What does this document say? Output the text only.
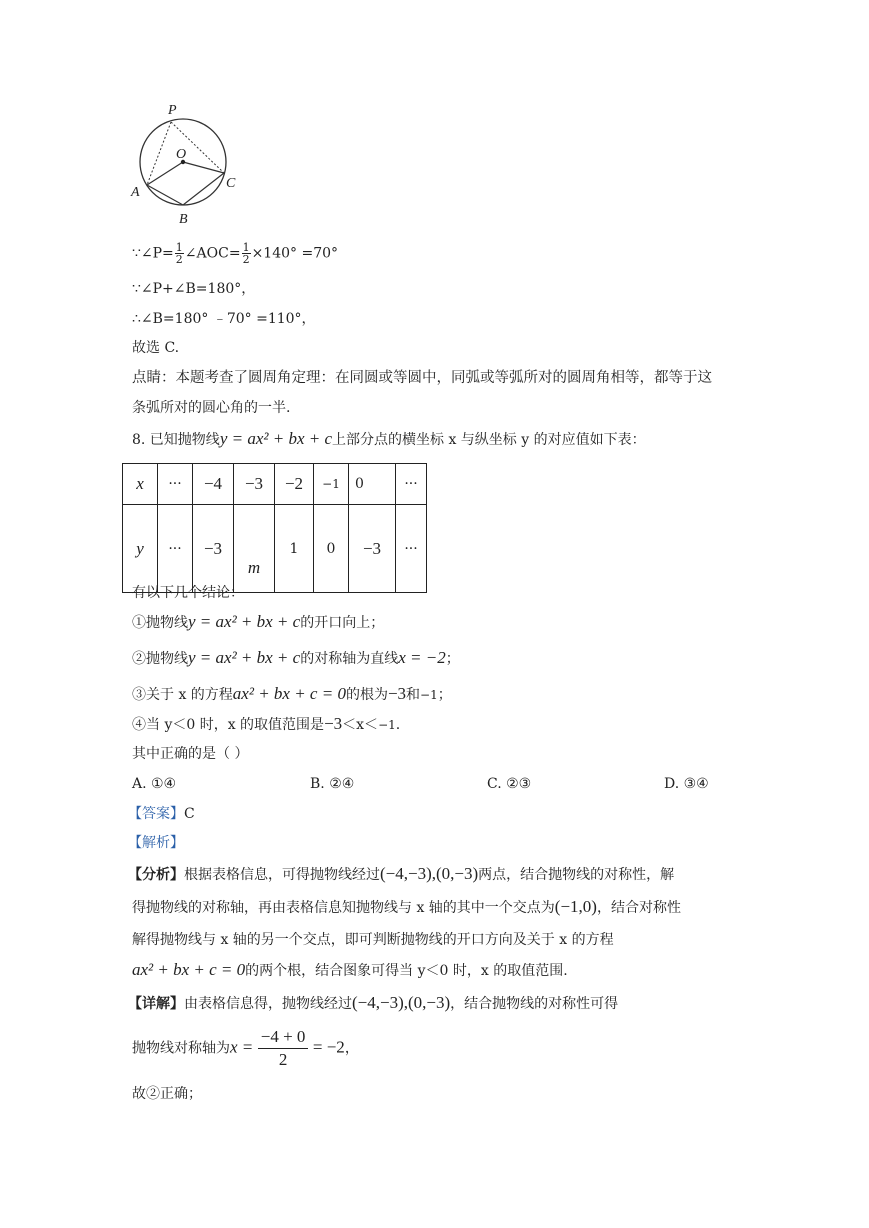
P
O
A
C
B
∵∠P= $\frac{1}{2}$ ∠AOC= $\frac{1}{2} \times 140^\circ =70^\circ$
∵∠P+∠B=180°，
∴∠B=180° ﹣70° =110°，
故选 C.
点睛：本题考查了圆周角定理：在同圆或等圆中，同弧或等弧所对的圆周角相等，都等于这
条弧所对的圆心角的一半.
8. 已知抛物线y = ax² + bx + c上部分点的横坐标 x 与纵坐标 y 的对应值如下表：
x	···	−4	−3	−2	−1	0	···
y	···	−3	m	1	0	−3	···
有以下几个结论：
①抛物线y = ax² + bx + c的开口向上；
②抛物线y = ax² + bx + c的对称轴为直线x = −2；
③关于 x 的方程ax² + bx + c = 0的根为−3和−1；
④当 y＜0 时，x 的取值范围是−3＜x＜−1.
其中正确的是（ ）
A. ①④	B. ②④	C. ②③	D. ③④
【答案】C
【解析】
【分析】根据表格信息，可得抛物线经过(−4,−3),(0,−3)两点，结合抛物线的对称性，解
得抛物线的对称轴，再由表格信息知抛物线与 x 轴的其中一个交点为(−1,0)，结合对称性
解得抛物线与 x 轴的另一个交点，即可判断抛物线的开口方向及关于 x 的方程
ax² + bx + c = 0的两个根，结合图象可得当 y＜0 时，x 的取值范围.
【详解】由表格信息得，抛物线经过(−4,−3),(0,−3)，结合抛物线的对称性可得
抛物线对称轴为$x = \frac{-4 + 0}{2} = -2$，
故②正确；
